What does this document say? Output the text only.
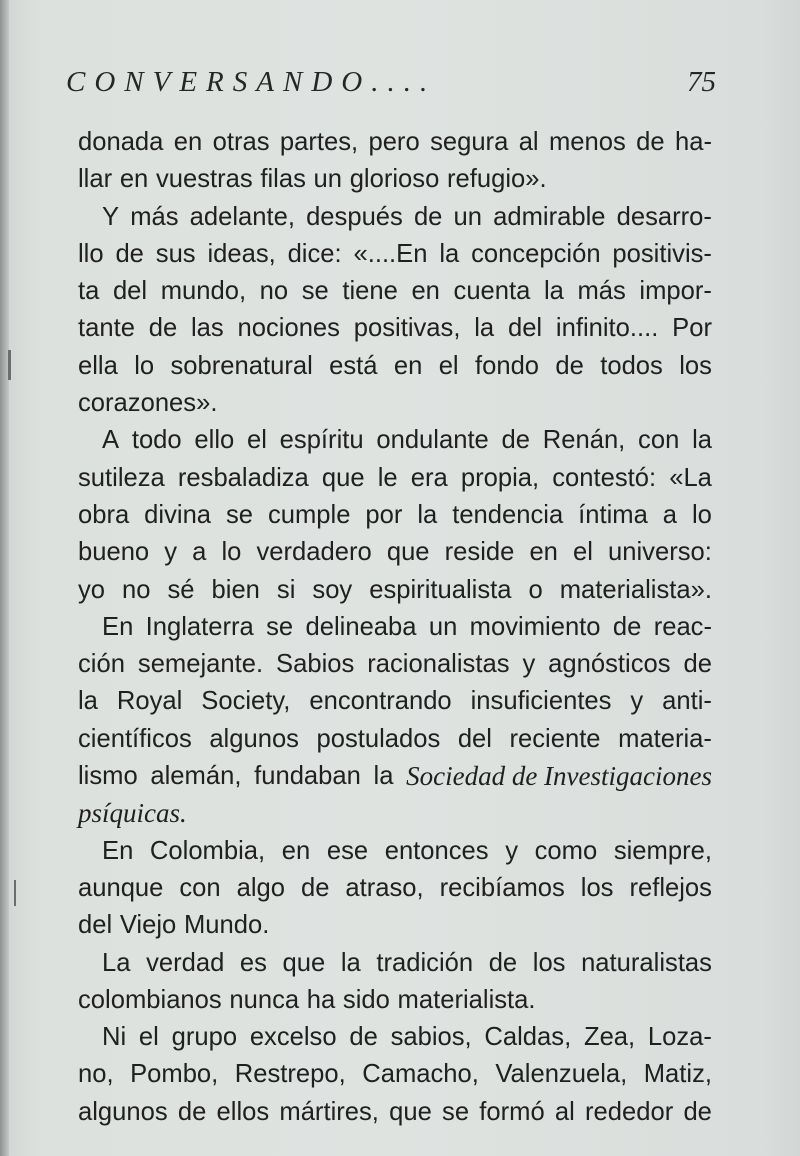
CONVERSANDO....	75
donada en otras partes, pero segura al menos de ha-
llar en vuestras filas un glorioso refugio».
Y más adelante, después de un admirable desarro-
llo de sus ideas, dice: «....En la concepción positivis-
ta del mundo, no se tiene en cuenta la más impor-
tante de las nociones positivas, la del infinito.... Por
ella lo sobrenatural está en el fondo de todos los
corazones».
A todo ello el espíritu ondulante de Renán, con la
sutileza resbaladiza que le era propia, contestó: «La
obra divina se cumple por la tendencia íntima a lo
bueno y a lo verdadero que reside en el universo:
yo no sé bien si soy espiritualista o materialista».
En Inglaterra se delineaba un movimiento de reac-
ción semejante. Sabios racionalistas y agnósticos de
la Royal Society, encontrando insuficientes y anti-
científicos algunos postulados del reciente materia-
lismo alemán, fundaban la Sociedad de Investigaciones
psíquicas.
En Colombia, en ese entonces y como siempre,
aunque con algo de atraso, recibíamos los reflejos
del Viejo Mundo.
La verdad es que la tradición de los naturalistas
colombianos nunca ha sido materialista.
Ni el grupo excelso de sabios, Caldas, Zea, Loza-
no, Pombo, Restrepo, Camacho, Valenzuela, Matiz,
algunos de ellos mártires, que se formó al rededor de
